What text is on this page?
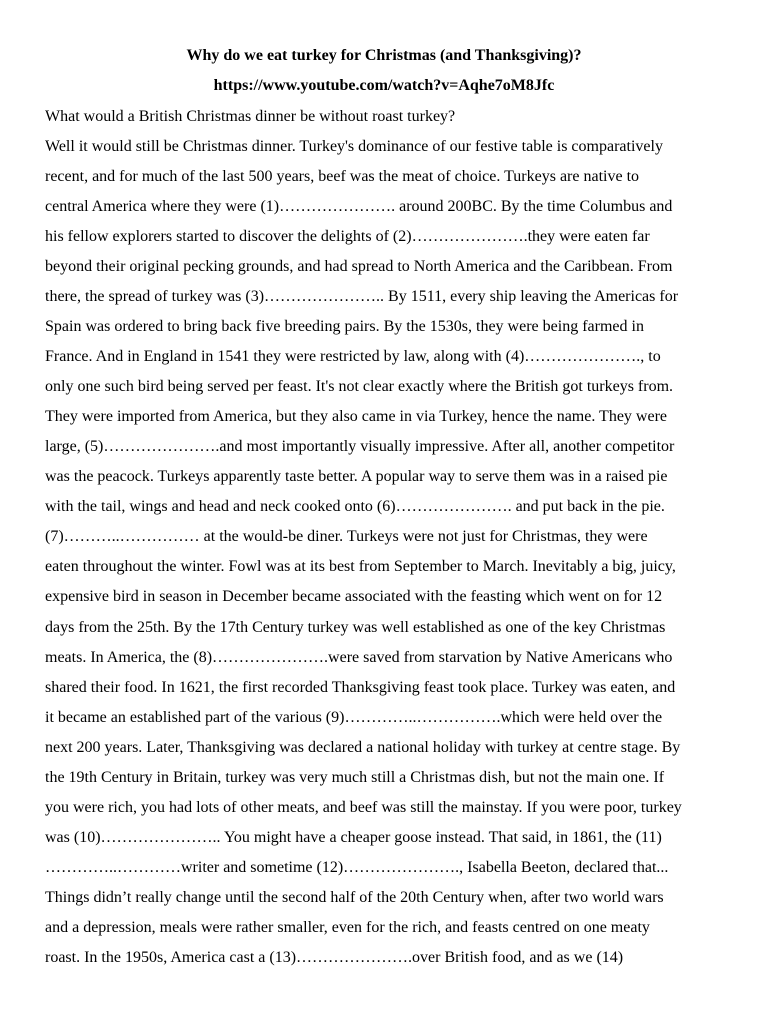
Why do we eat turkey for Christmas (and Thanksgiving)?
https://www.youtube.com/watch?v=Aqhe7oM8Jfc
What would a British Christmas dinner be without roast turkey?
Well it would still be Christmas dinner. Turkey's dominance of our festive table is comparatively
recent, and for much of the last 500 years, beef was the meat of choice. Turkeys are native to
central America where they were (1)…………………. around 200BC. By the time Columbus and
his fellow explorers started to discover the delights of (2)………………….they were eaten far
beyond their original pecking grounds, and had spread to North America and the Caribbean. From
there, the spread of turkey was (3)………………….. By 1511, every ship leaving the Americas for
Spain was ordered to bring back five breeding pairs. By the 1530s, they were being farmed in
France. And in England in 1541 they were restricted by law, along with (4)…………………., to
only one such bird being served per feast. It's not clear exactly where the British got turkeys from.
They were imported from America, but they also came in via Turkey, hence the name. They were
large, (5)………………….and most importantly visually impressive. After all, another competitor
was the peacock. Turkeys apparently taste better. A popular way to serve them was in a raised pie
with the tail, wings and head and neck cooked onto (6)…………………. and put back in the pie.
(7)………..…………… at the would-be diner. Turkeys were not just for Christmas, they were
eaten throughout the winter. Fowl was at its best from September to March. Inevitably a big, juicy,
expensive bird in season in December became associated with the feasting which went on for 12
days from the 25th. By the 17th Century turkey was well established as one of the key Christmas
meats. In America, the (8)………………….were saved from starvation by Native Americans who
shared their food. In 1621, the first recorded Thanksgiving feast took place. Turkey was eaten, and
it became an established part of the various (9)…………..…………….which were held over the
next 200 years. Later, Thanksgiving was declared a national holiday with turkey at centre stage. By
the 19th Century in Britain, turkey was very much still a Christmas dish, but not the main one. If
you were rich, you had lots of other meats, and beef was still the mainstay. If you were poor, turkey
was (10)………………….. You might have a cheaper goose instead. That said, in 1861, the (11)
…………..…………writer and sometime (12)…………………., Isabella Beeton, declared that...
Things didn’t really change until the second half of the 20th Century when, after two world wars
and a depression, meals were rather smaller, even for the rich, and feasts centred on one meaty
roast. In the 1950s, America cast a (13)………………….over British food, and as we (14)
